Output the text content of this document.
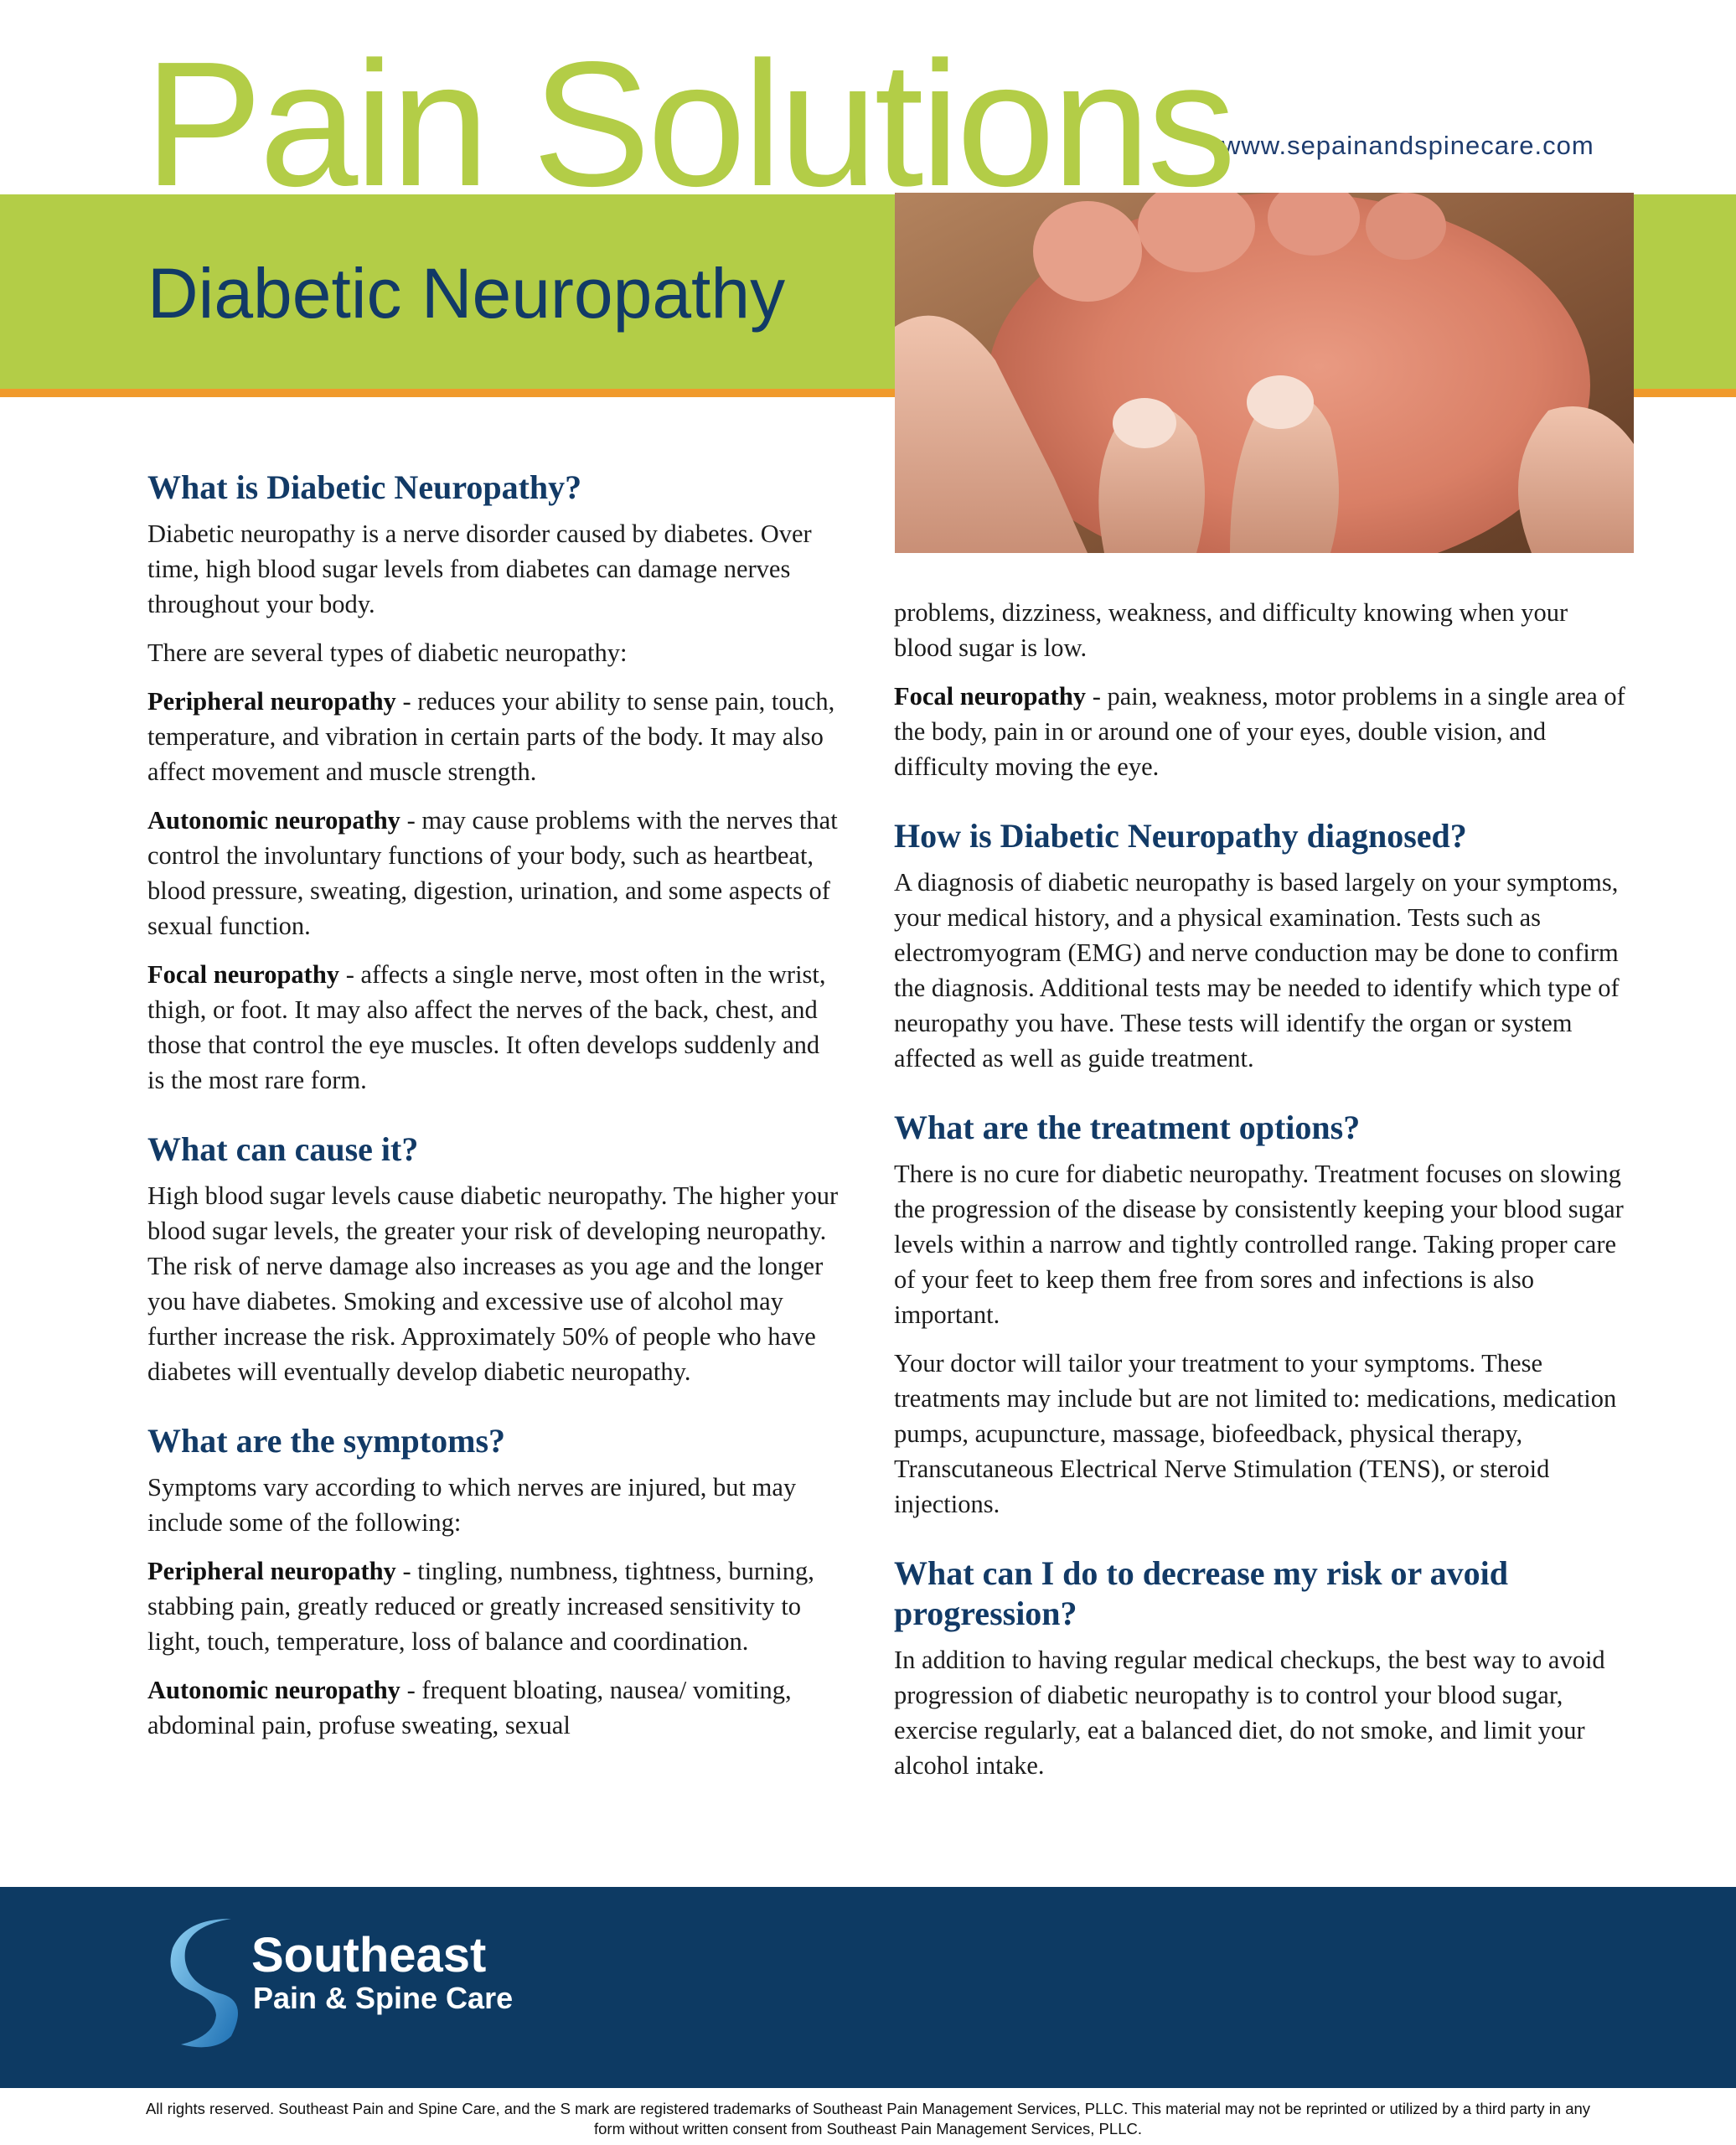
Pain Solutions
www.sepainandspinecare.com
Diabetic Neuropathy
What is Diabetic Neuropathy?

Diabetic neuropathy is a nerve disorder caused by diabetes. Over time, high blood sugar levels from diabetes can damage nerves throughout your body.

There are several types of diabetic neuropathy:

Peripheral neuropathy - reduces your ability to sense pain, touch, temperature, and vibration in certain parts of the body. It may also affect movement and muscle strength.

Autonomic neuropathy - may cause problems with the nerves that control the involuntary functions of your body, such as heartbeat, blood pressure, sweating, digestion, urination, and some aspects of sexual function.

Focal neuropathy - affects a single nerve, most often in the wrist, thigh, or foot. It may also affect the nerves of the back, chest, and those that control the eye muscles. It often develops suddenly and is the most rare form.

What can cause it?

High blood sugar levels cause diabetic neuropathy. The higher your blood sugar levels, the greater your risk of developing neuropathy. The risk of nerve damage also increases as you age and the longer you have diabetes. Smoking and excessive use of alcohol may further increase the risk. Approximately 50% of people who have diabetes will eventually develop diabetic neuropathy.

What are the symptoms?

Symptoms vary according to which nerves are injured, but may include some of the following:

Peripheral neuropathy - tingling, numbness, tightness, burning, stabbing pain, greatly reduced or greatly increased sensitivity to light, touch, temperature, loss of balance and coordination.

Autonomic neuropathy - frequent bloating, nausea/ vomiting, abdominal pain, profuse sweating, sexual

problems, dizziness, weakness, and difficulty knowing when your blood sugar is low.

Focal neuropathy - pain, weakness, motor problems in a single area of the body, pain in or around one of your eyes, double vision, and difficulty moving the eye.

How is Diabetic Neuropathy diagnosed?

A diagnosis of diabetic neuropathy is based largely on your symptoms, your medical history, and a physical examination. Tests such as electromyogram (EMG) and nerve conduction may be done to confirm the diagnosis. Additional tests may be needed to identify which type of neuropathy you have. These tests will identify the organ or system affected as well as guide treatment.

What are the treatment options?

There is no cure for diabetic neuropathy. Treatment focuses on slowing the progression of the disease by consistently keeping your blood sugar levels within a narrow and tightly controlled range. Taking proper care of your feet to keep them free from sores and infections is also important.

Your doctor will tailor your treatment to your symptoms. These treatments may include but are not limited to: medications, medication pumps, acupuncture, massage, biofeedback, physical therapy, Transcutaneous Electrical Nerve Stimulation (TENS), or steroid injections.

What can I do to decrease my risk or avoid progression?

In addition to having regular medical checkups, the best way to avoid progression of diabetic neuropathy is to control your blood sugar, exercise regularly, eat a balanced diet, do not smoke, and limit your alcohol intake.

Southeast
Pain & Spine Care
All rights reserved. Southeast Pain and Spine Care, and the S mark are registered trademarks of Southeast Pain Management Services, PLLC. This material may not be reprinted or utilized by a third party in any form without written consent from Southeast Pain Management Services, PLLC.
